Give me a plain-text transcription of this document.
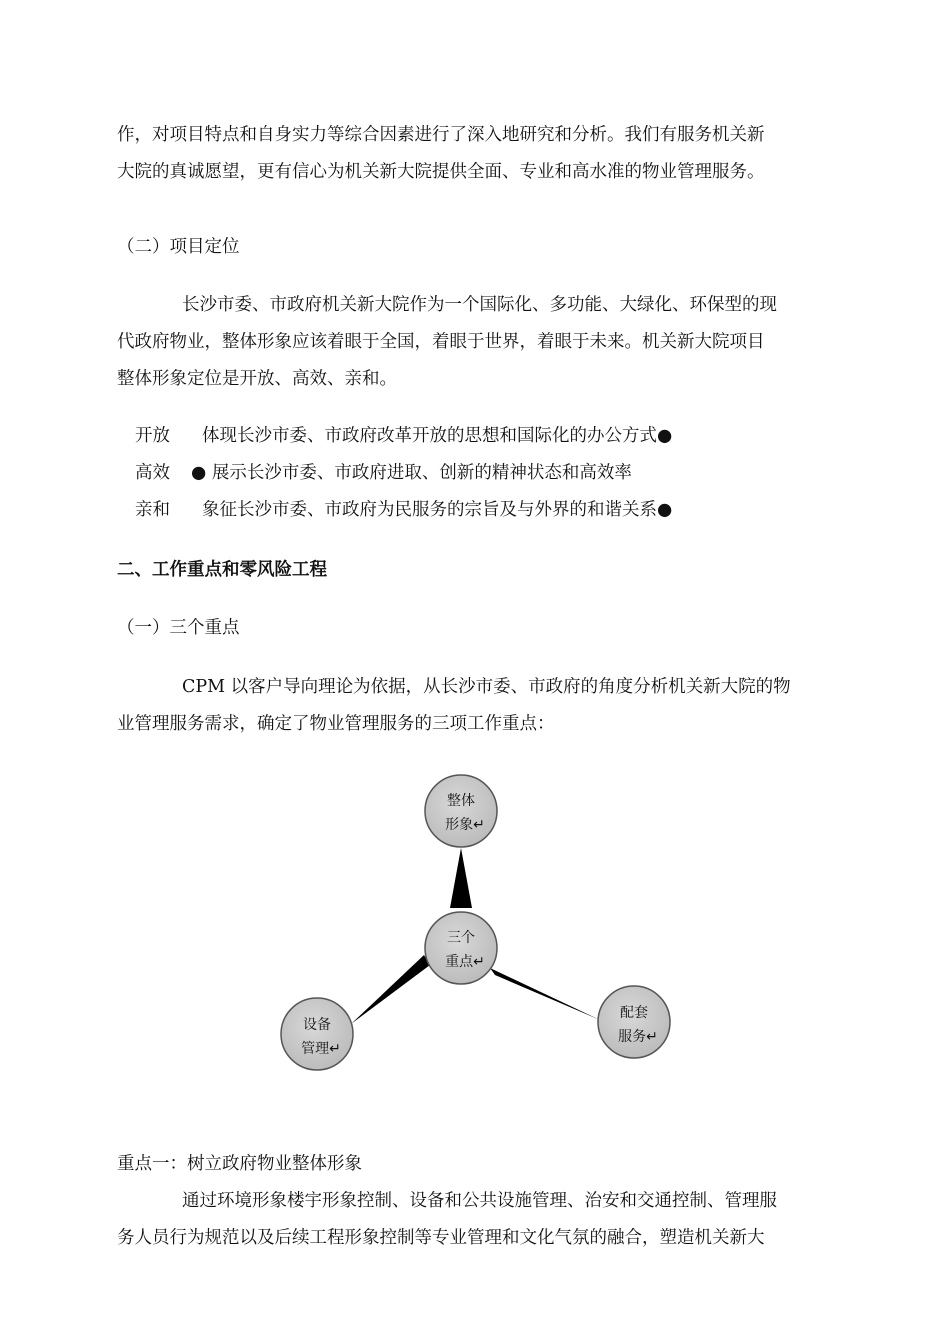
作，对项目特点和自身实力等综合因素进行了深入地研究和分析。我们有服务机关新
大院的真诚愿望，更有信心为机关新大院提供全面、专业和高水准的物业管理服务。
（二）项目定位
长沙市委、市政府机关新大院作为一个国际化、多功能、大绿化、环保型的现
代政府物业，整体形象应该着眼于全国，着眼于世界，着眼于未来。机关新大院项目
整体形象定位是开放、高效、亲和。
开放 体现长沙市委、市政府改革开放的思想和国际化的办公方式●
高效 ● 展示长沙市委、市政府进取、创新的精神状态和高效率
亲和 象征长沙市委、市政府为民服务的宗旨及与外界的和谐关系●
二、工作重点和零风险工程
（一）三个重点
CPM 以客户导向理论为依据，从长沙市委、市政府的角度分析机关新大院的物
业管理服务需求，确定了物业管理服务的三项工作重点：
整体
形象↵
三个
重点↵
设备
管理↵
配套
服务↵
重点一：树立政府物业整体形象
通过环境形象楼宇形象控制、设备和公共设施管理、治安和交通控制、管理服
务人员行为规范以及后续工程形象控制等专业管理和文化气氛的融合，塑造机关新大
